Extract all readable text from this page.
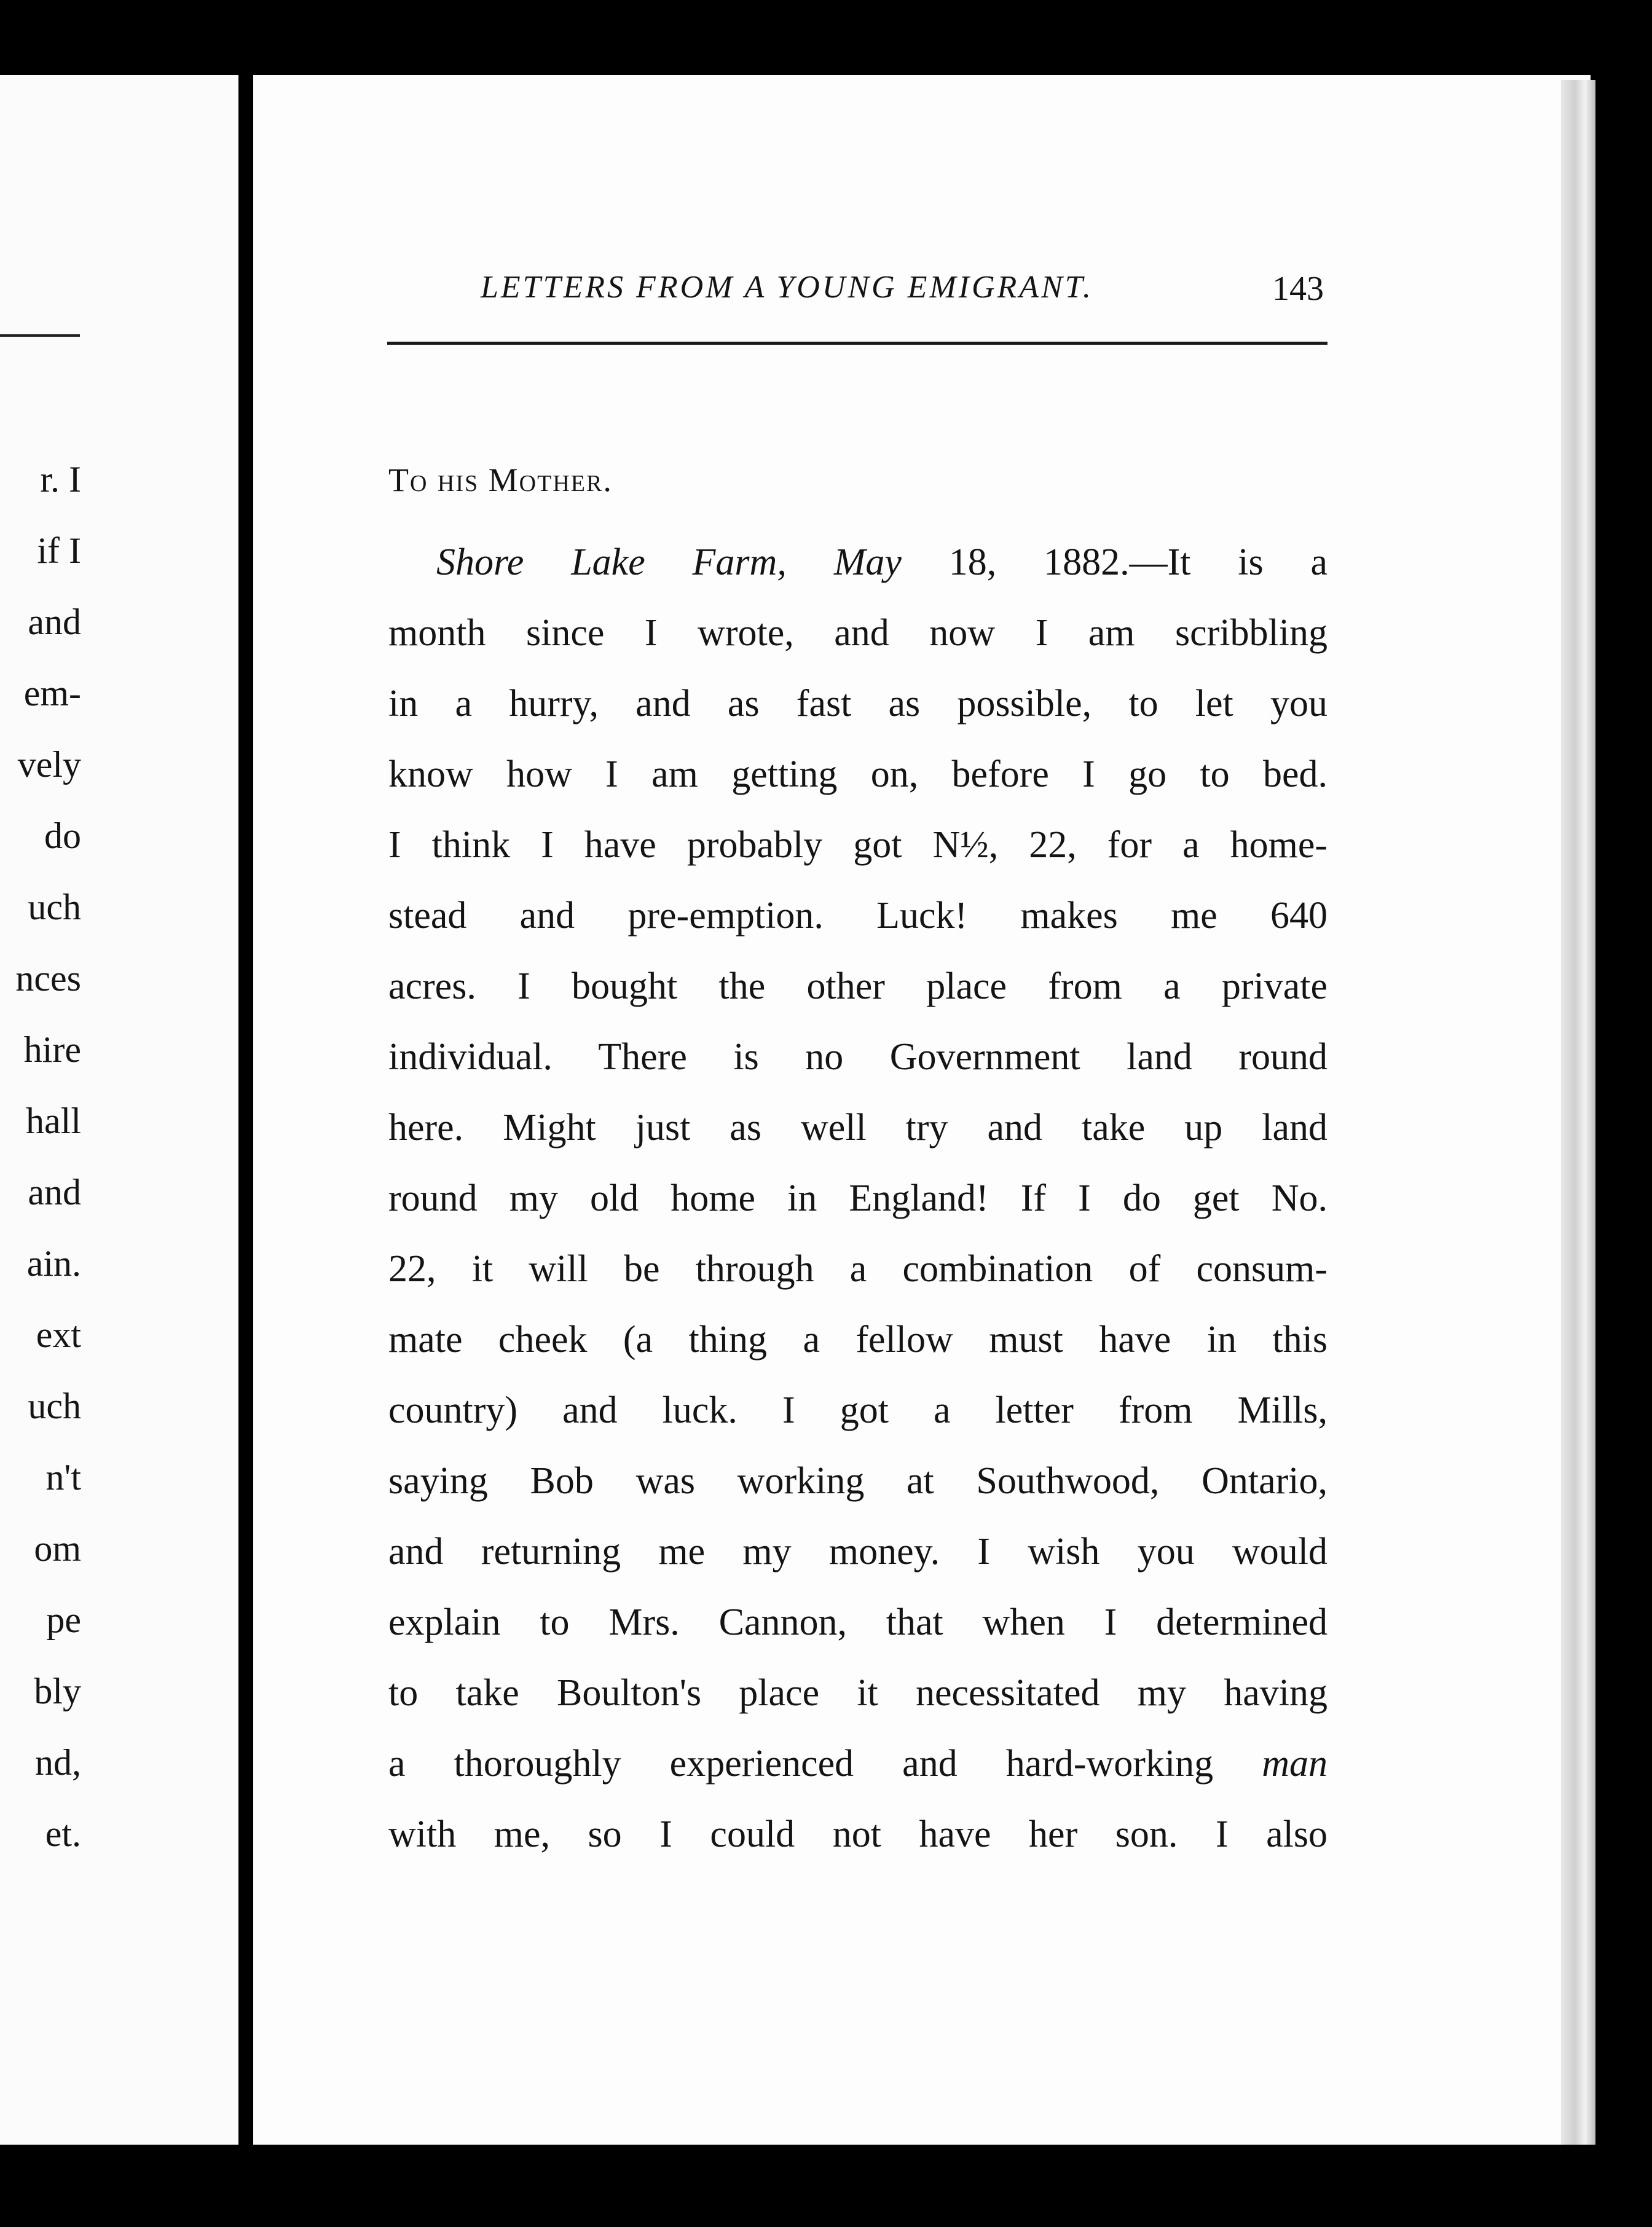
r. I
if I
and
em-
vely
do
uch
nces
hire
hall
and
ain.
ext
uch
n't
om
pe
bly
nd,
et.
LETTERS FROM A YOUNG EMIGRANT.	143
To his Mother.
Shore Lake Farm, May 18, 1882.—It is a
month since I wrote, and now I am scribbling
in a hurry, and as fast as possible, to let you
know how I am getting on, before I go to bed.
I think I have probably got N½, 22, for a home-
stead and pre-emption. Luck! makes me 640
acres. I bought the other place from a private
individual. There is no Government land round
here. Might just as well try and take up land
round my old home in England! If I do get No.
22, it will be through a combination of consum-
mate cheek (a thing a fellow must have in this
country) and luck. I got a letter from Mills,
saying Bob was working at Southwood, Ontario,
and returning me my money. I wish you would
explain to Mrs. Cannon, that when I determined
to take Boulton's place it necessitated my having
a thoroughly experienced and hard-working man
with me, so I could not have her son. I also
